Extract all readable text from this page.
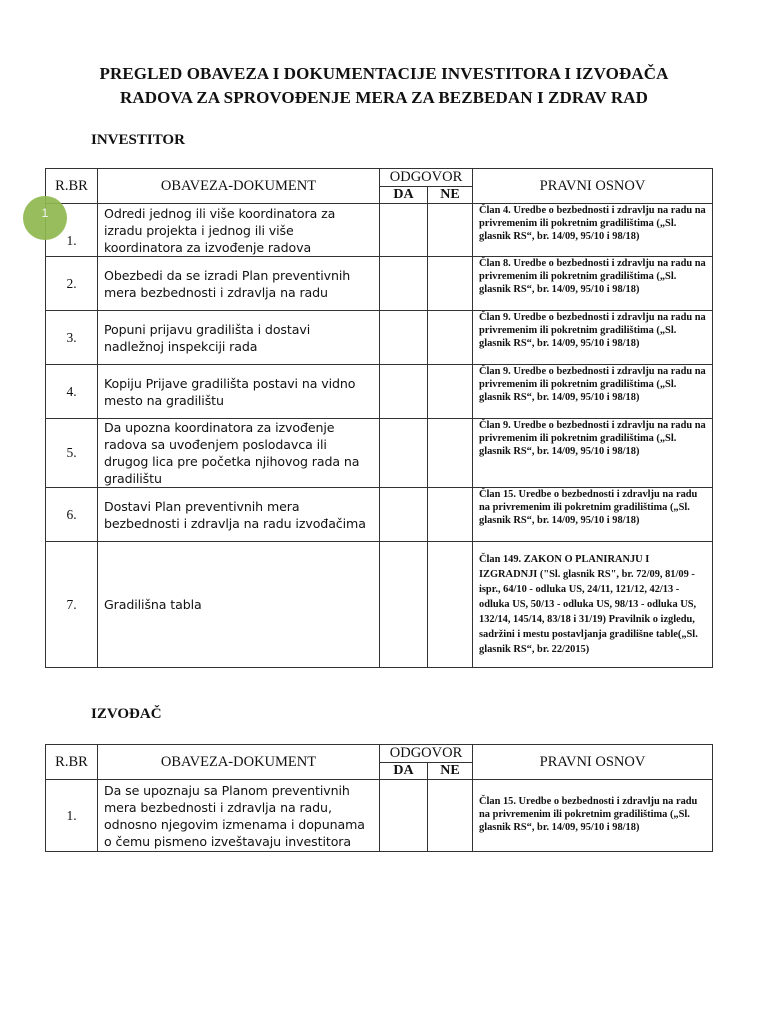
PREGLED OBAVEZA I DOKUMENTACIJE INVESTITORA I IZVOĐAČA
RADOVA ZA SPROVOĐENJE MERA ZA BEZBEDAN I ZDRAV RAD
INVESTITOR
R.BR	OBAVEZA-DOKUMENT	ODGOVOR		PRAVNI OSNOV
		DA	NE	
1.	Odredi jednog ili više koordinatora za izradu projekta i jednog ili više koordinatora za izvođenje radova			Član 4. Uredbe o bezbednosti i zdravlju na radu na privremenim ili pokretnim gradilištima („Sl. glasnik RS“, br. 14/09, 95/10 i 98/18)
2.	Obezbedi da se izradi Plan preventivnih mera bezbednosti i zdravlja na radu			Član 8. Uredbe o bezbednosti i zdravlju na radu na privremenim ili pokretnim gradilištima („Sl. glasnik RS“, br. 14/09, 95/10 i 98/18)
3.	Popuni prijavu gradilišta i dostavi nadležnoj inspekciji rada			Član 9. Uredbe o bezbednosti i zdravlju na radu na privremenim ili pokretnim gradilištima („Sl. glasnik RS“, br. 14/09, 95/10 i 98/18)
4.	Kopiju Prijave gradilišta postavi na vidno mesto na gradilištu			Član 9. Uredbe o bezbednosti i zdravlju na radu na privremenim ili pokretnim gradilištima („Sl. glasnik RS“, br. 14/09, 95/10 i 98/18)
5.	Da upozna koordinatora za izvođenje radova sa uvođenjem poslodavca ili drugog lica pre početka njihovog rada na gradilištu			Član 9. Uredbe o bezbednosti i zdravlju na radu na privremenim ili pokretnim gradilištima („Sl. glasnik RS“, br. 14/09, 95/10 i 98/18)
6.	Dostavi Plan preventivnih mera bezbednosti i zdravlja na radu izvođačima			Član 15. Uredbe o bezbednosti i zdravlju na radu na privremenim ili pokretnim gradilištima („Sl. glasnik RS“, br. 14/09, 95/10 i 98/18)
7.	Gradilišna tabla			Član 149. ZAKON O PLANIRANJU I IZGRADNJI ("Sl. glasnik RS", br. 72/09, 81/09 - ispr., 64/10 - odluka US, 24/11, 121/12, 42/13 - odluka US, 50/13 - odluka US, 98/13 - odluka US, 132/14, 145/14, 83/18 i 31/19) Pravilnik o izgledu, sadržini i mestu postavljanja gradilišne table(„Sl. glasnik RS“, br. 22/2015)
IZVOĐAČ
R.BR	OBAVEZA-DOKUMENT	ODGOVOR		PRAVNI OSNOV
		DA	NE	
1.	Da se upoznaju sa Planom preventivnih mera bezbednosti i zdravlja na radu, odnosno njegovim izmenama i dopunama o čemu pismeno izveštavaju investitora			Član 15. Uredbe o bezbednosti i zdravlju na radu na privremenim ili pokretnim gradilištima („Sl. glasnik RS“, br. 14/09, 95/10 i 98/18)
1
